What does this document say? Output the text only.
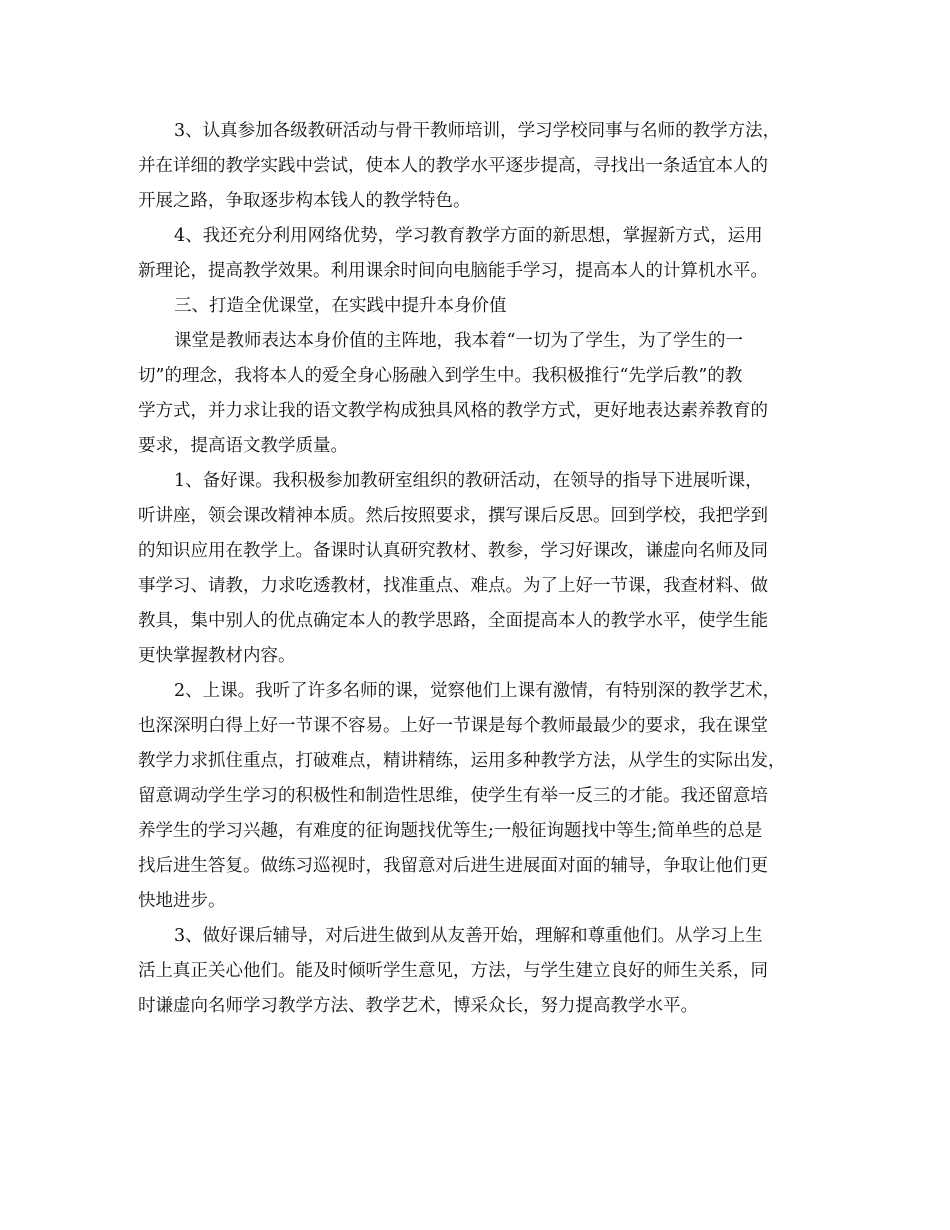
3、认真参加各级教研活动与骨干教师培训，学习学校同事与名师的教学方法，
并在详细的教学实践中尝试，使本人的教学水平逐步提高，寻找出一条适宜本人的
开展之路，争取逐步构本钱人的教学特色。
4、我还充分利用网络优势，学习教育教学方面的新思想，掌握新方式，运用
新理论，提高教学效果。利用课余时间向电脑能手学习，提高本人的计算机水平。
三、打造全优课堂，在实践中提升本身价值
课堂是教师表达本身价值的主阵地，我本着“一切为了学生，为了学生的一
切”的理念，我将本人的爱全身心肠融入到学生中。我积极推行“先学后教”的教
学方式，并力求让我的语文教学构成独具风格的教学方式，更好地表达素养教育的
要求，提高语文教学质量。
1、备好课。我积极参加教研室组织的教研活动，在领导的指导下进展听课，
听讲座，领会课改精神本质。然后按照要求，撰写课后反思。回到学校，我把学到
的知识应用在教学上。备课时认真研究教材、教参，学习好课改，谦虚向名师及同
事学习、请教，力求吃透教材，找准重点、难点。为了上好一节课，我查材料、做
教具，集中别人的优点确定本人的教学思路，全面提高本人的教学水平，使学生能
更快掌握教材内容。
2、上课。我听了许多名师的课，觉察他们上课有激情，有特别深的教学艺术，
也深深明白得上好一节课不容易。上好一节课是每个教师最最少的要求，我在课堂
教学力求抓住重点，打破难点，精讲精练，运用多种教学方法，从学生的实际出发，
留意调动学生学习的积极性和制造性思维，使学生有举一反三的才能。我还留意培
养学生的学习兴趣，有难度的征询题找优等生;一般征询题找中等生;简单些的总是
找后进生答复。做练习巡视时，我留意对后进生进展面对面的辅导，争取让他们更
快地进步。
3、做好课后辅导，对后进生做到从友善开始，理解和尊重他们。从学习上生
活上真正关心他们。能及时倾听学生意见，方法，与学生建立良好的师生关系，同
时谦虚向名师学习教学方法、教学艺术，博采众长，努力提高教学水平。
